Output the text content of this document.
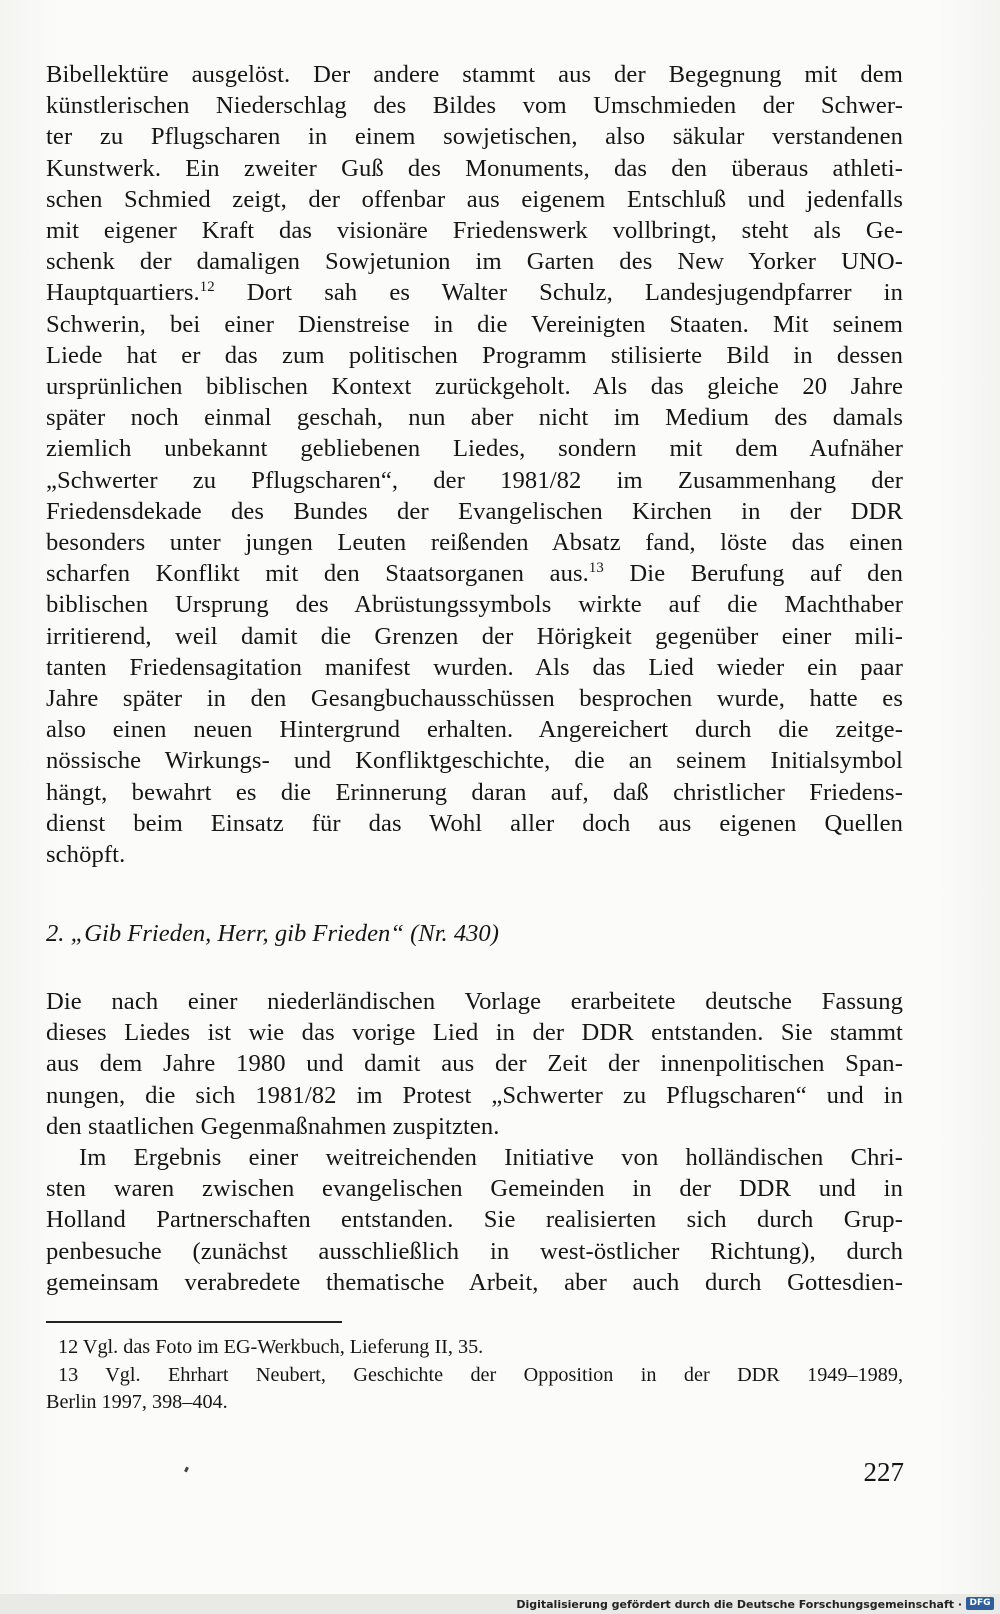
Bibellektüre ausgelöst. Der andere stammt aus der Begegnung mit dem
künstlerischen Niederschlag des Bildes vom Umschmieden der Schwer-
ter zu Pflugscharen in einem sowjetischen, also säkular verstandenen
Kunstwerk. Ein zweiter Guß des Monuments, das den überaus athleti-
schen Schmied zeigt, der offenbar aus eigenem Entschluß und jedenfalls
mit eigener Kraft das visionäre Friedenswerk vollbringt, steht als Ge-
schenk der damaligen Sowjetunion im Garten des New Yorker UNO-
Hauptquartiers.$^{12}$ Dort sah es Walter Schulz, Landesjugendpfarrer in
Schwerin, bei einer Dienstreise in die Vereinigten Staaten. Mit seinem
Liede hat er das zum politischen Programm stilisierte Bild in dessen
ursprünlichen biblischen Kontext zurückgeholt. Als das gleiche 20 Jahre
später noch einmal geschah, nun aber nicht im Medium des damals
ziemlich unbekannt gebliebenen Liedes, sondern mit dem Aufnäher
„Schwerter zu Pflugscharen“, der 1981/82 im Zusammenhang der
Friedensdekade des Bundes der Evangelischen Kirchen in der DDR
besonders unter jungen Leuten reißenden Absatz fand, löste das einen
scharfen Konflikt mit den Staatsorganen aus.$^{13}$ Die Berufung auf den
biblischen Ursprung des Abrüstungssymbols wirkte auf die Machthaber
irritierend, weil damit die Grenzen der Hörigkeit gegenüber einer mili-
tanten Friedensagitation manifest wurden. Als das Lied wieder ein paar
Jahre später in den Gesangbuchausschüssen besprochen wurde, hatte es
also einen neuen Hintergrund erhalten. Angereichert durch die zeitge-
nössische Wirkungs- und Konfliktgeschichte, die an seinem Initialsymbol
hängt, bewahrt es die Erinnerung daran auf, daß christlicher Friedens-
dienst beim Einsatz für das Wohl aller doch aus eigenen Quellen
schöpft.
2. „Gib Frieden, Herr, gib Frieden“ (Nr. 430)
Die nach einer niederländischen Vorlage erarbeitete deutsche Fassung
dieses Liedes ist wie das vorige Lied in der DDR entstanden. Sie stammt
aus dem Jahre 1980 und damit aus der Zeit der innenpolitischen Span-
nungen, die sich 1981/82 im Protest „Schwerter zu Pflugscharen“ und in
den staatlichen Gegenmaßnahmen zuspitzten.
Im Ergebnis einer weitreichenden Initiative von holländischen Chri-
sten waren zwischen evangelischen Gemeinden in der DDR und in
Holland Partnerschaften entstanden. Sie realisierten sich durch Grup-
penbesuche (zunächst ausschließlich in west-östlicher Richtung), durch
gemeinsam verabredete thematische Arbeit, aber auch durch Gottesdien-
12 Vgl. das Foto im EG-Werkbuch, Lieferung II, 35.
13 Vgl. Ehrhart Neubert, Geschichte der Opposition in der DDR 1949–1989,
Berlin 1997, 398–404.
227
Digitalisierung gefördert durch die Deutsche Forschungsgemeinschaft · DFG
